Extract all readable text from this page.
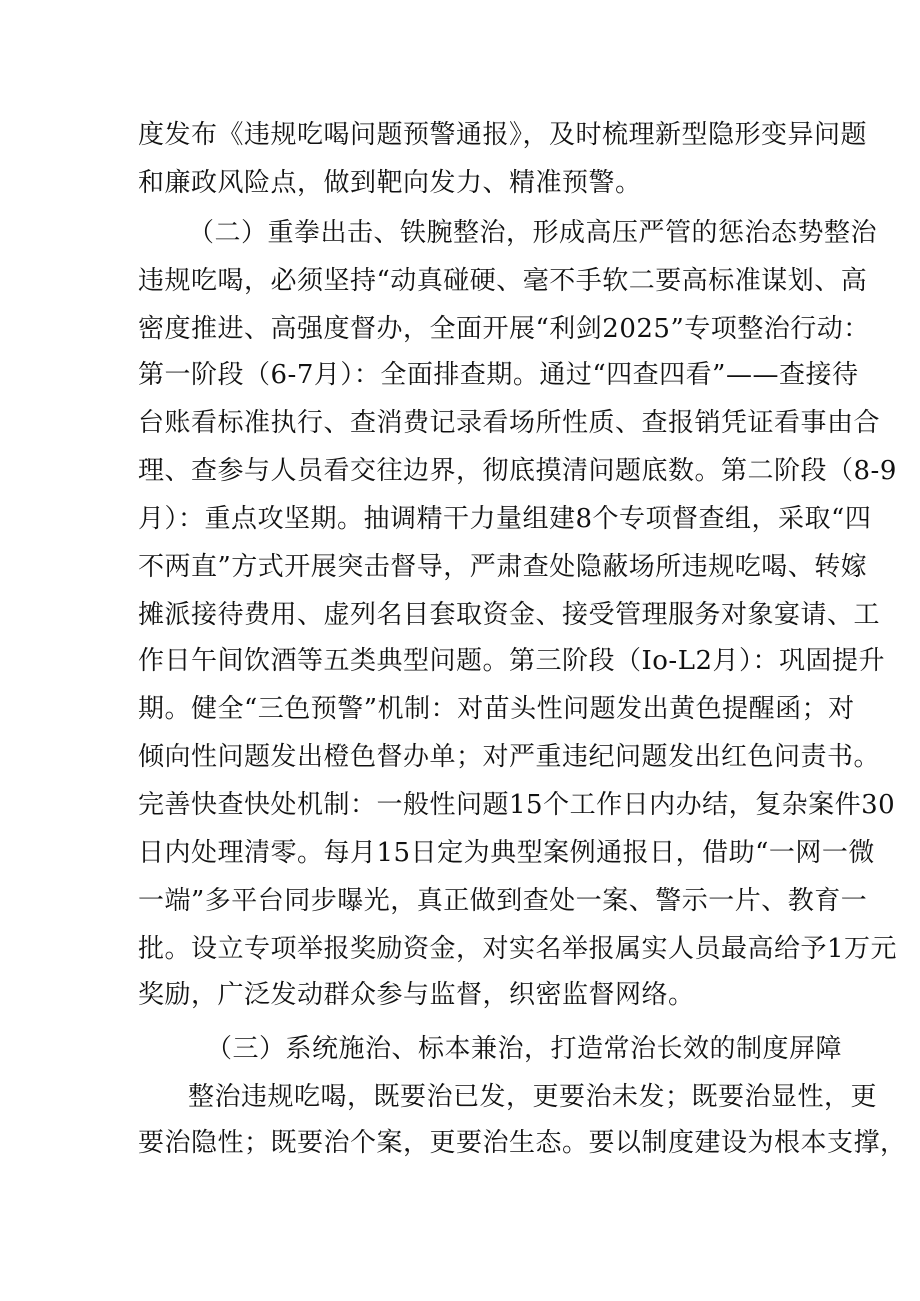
度发布《违规吃喝问题预警通报》，及时梳理新型隐形变异问题
和廉政风险点，做到靶向发力、精准预警。
（二）重拳出击、铁腕整治，形成高压严管的惩治态势整治
违规吃喝，必须坚持“动真碰硬、毫不手软二要高标准谋划、高
密度推进、高强度督办，全面开展“利剑2025”专项整治行动：
第一阶段（6-7月）：全面排查期。通过“四查四看”——查接待
台账看标准执行、查消费记录看场所性质、查报销凭证看事由合
理、查参与人员看交往边界，彻底摸清问题底数。第二阶段（8-9
月）：重点攻坚期。抽调精干力量组建8个专项督查组，采取“四
不两直”方式开展突击督导，严肃查处隐蔽场所违规吃喝、转嫁
摊派接待费用、虚列名目套取资金、接受管理服务对象宴请、工
作日午间饮酒等五类典型问题。第三阶段（Io-L2月）：巩固提升
期。健全“三色预警”机制：对苗头性问题发出黄色提醒函；对
倾向性问题发出橙色督办单；对严重违纪问题发出红色问责书。
完善快查快处机制：一般性问题15个工作日内办结，复杂案件30
日内处理清零。每月15日定为典型案例通报日，借助“一网一微
一端”多平台同步曝光，真正做到查处一案、警示一片、教育一
批。设立专项举报奖励资金，对实名举报属实人员最高给予1万元
奖励，广泛发动群众参与监督，织密监督网络。
（三）系统施治、标本兼治，打造常治长效的制度屏障
整治违规吃喝，既要治已发，更要治未发；既要治显性，更
要治隐性；既要治个案，更要治生态。要以制度建设为根本支撑，
